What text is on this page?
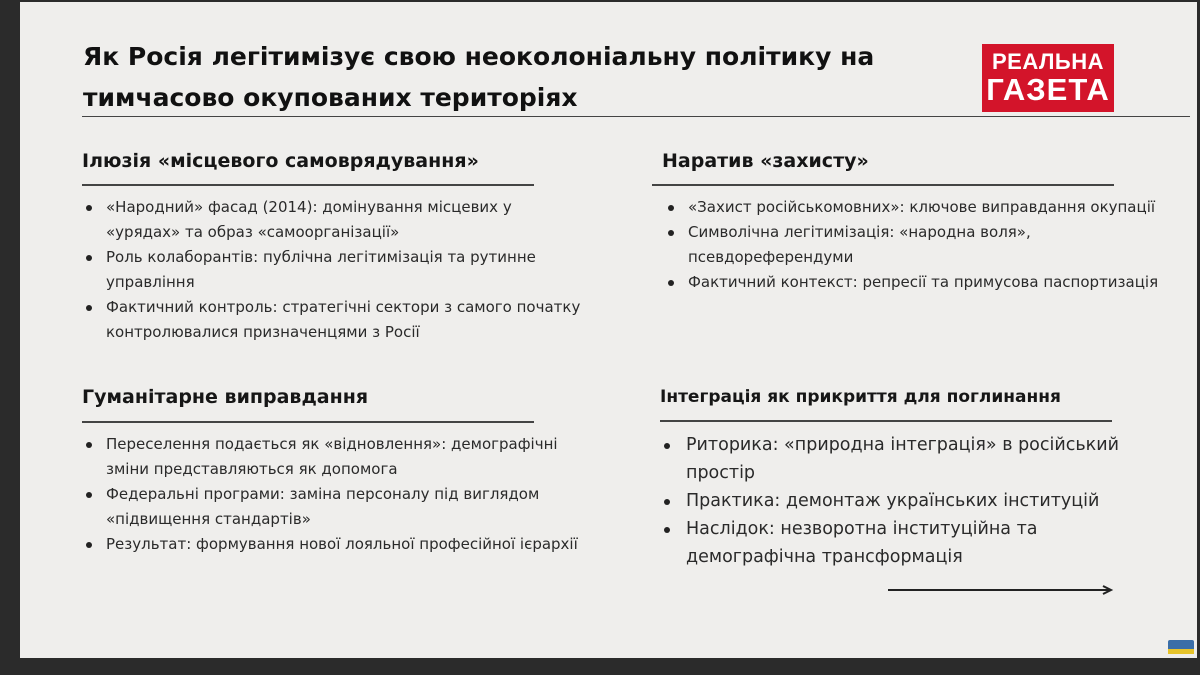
Як Росія легітимізує свою неоколоніальну політику на тимчасово окупованих територіях
РЕАЛЬНА
ГАЗЕТА
Ілюзія «місцевого самоврядування»
«Народний» фасад (2014): домінування місцевих у «урядах» та образ «самоорганізації»
Роль колаборантів: публічна легітимізація та рутинне управління
Фактичний контроль: стратегічні сектори з самого початку контролювалися призначенцями з Росії
Наратив «захисту»
«Захист російськомовних»: ключове виправдання окупації
Символічна легітимізація: «народна воля», псевдореферендуми
Фактичний контекст: репресії та примусова паспортизація
Гуманітарне виправдання
Переселення подається як «відновлення»: демографічні зміни представляються як допомога
Федеральні програми: заміна персоналу під виглядом «підвищення стандартів»
Результат: формування нової лояльної професійної ієрархії
Інтеграція як прикриття для поглинання
Риторика: «природна інтеграція» в російський простір
Практика: демонтаж українських інституцій
Наслідок: незворотна інституційна та демографічна трансформація
